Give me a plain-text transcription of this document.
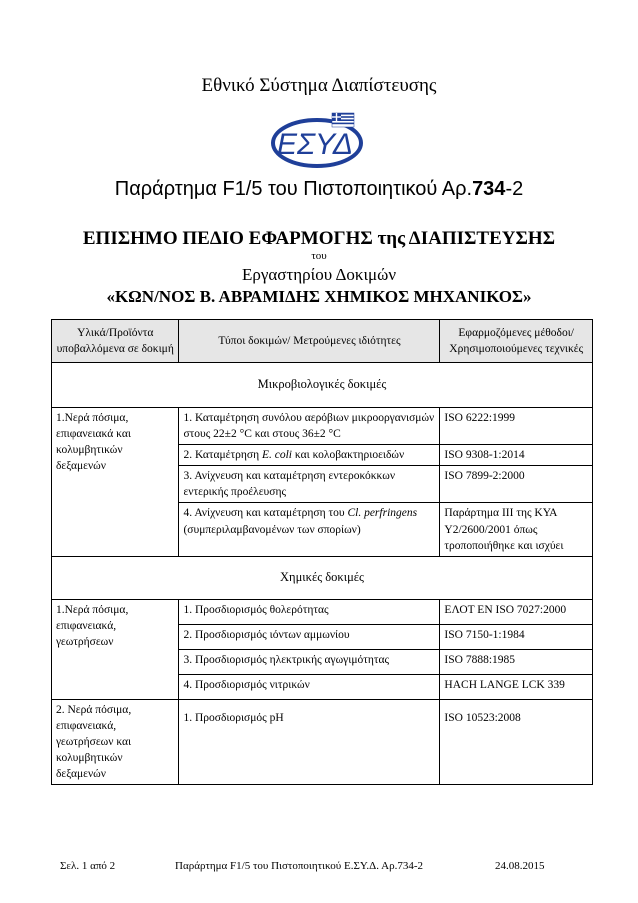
Εθνικό Σύστημα Διαπίστευσης
ΕΣΥΔ
Παράρτημα F1/5 του Πιστοποιητικού Αρ.734-2
ΕΠΙΣΗΜΟ ΠΕΔΙΟ ΕΦΑΡΜΟΓΗΣ της ΔΙΑΠΙΣΤΕΥΣΗΣ
του
Εργαστηρίου Δοκιμών
«ΚΩΝ/ΝΟΣ Β. ΑΒΡΑΜΙΔΗΣ ΧΗΜΙΚΟΣ ΜΗΧΑΝΙΚΟΣ»
Υλικά/Προϊόντα υποβαλλόμενα σε δοκιμή	Τύποι δοκιμών/ Μετρούμενες ιδιότητες	Εφαρμοζόμενες μέθοδοι/ Χρησιμοποιούμενες τεχνικές
Μικροβιολογικές δοκιμές		
1.Νερά πόσιμα, επιφανειακά και κολυμβητικών δεξαμενών	1. Καταμέτρηση συνόλου αερόβιων μικροοργανισμών στους 22±2 °C και στους 36±2 °C	ISO 6222:1999
	2. Καταμέτρηση E. coli και κολοβακτηριοειδών	ISO 9308-1:2014
	3. Ανίχνευση και καταμέτρηση εντεροκόκκων εντερικής προέλευσης	ISO 7899-2:2000
	4. Ανίχνευση και καταμέτρηση του Cl. perfringens (συμπεριλαμβανομένων των σπορίων)	Παράρτημα III της ΚΥΑ Υ2/2600/2001 όπως τροποποιήθηκε και ισχύει
Χημικές δοκιμές		
1.Νερά πόσιμα, επιφανειακά, γεωτρήσεων	1. Προσδιορισμός θολερότητας	ΕΛΟΤ EN ISO 7027:2000
	2. Προσδιορισμός ιόντων αμμωνίου	ISO 7150-1:1984
	3. Προσδιορισμός ηλεκτρικής αγωγιμότητας	ISO 7888:1985
	4. Προσδιορισμός νιτρικών	HACH LANGE LCK 339
2. Νερά πόσιμα, επιφανειακά, γεωτρήσεων και κολυμβητικών δεξαμενών	1. Προσδιορισμός pH	ISO 10523:2008
Σελ. 1 από 2	Παράρτημα F1/5 του Πιστοποιητικού Ε.ΣΥ.Δ. Αρ.734-2	24.08.2015
